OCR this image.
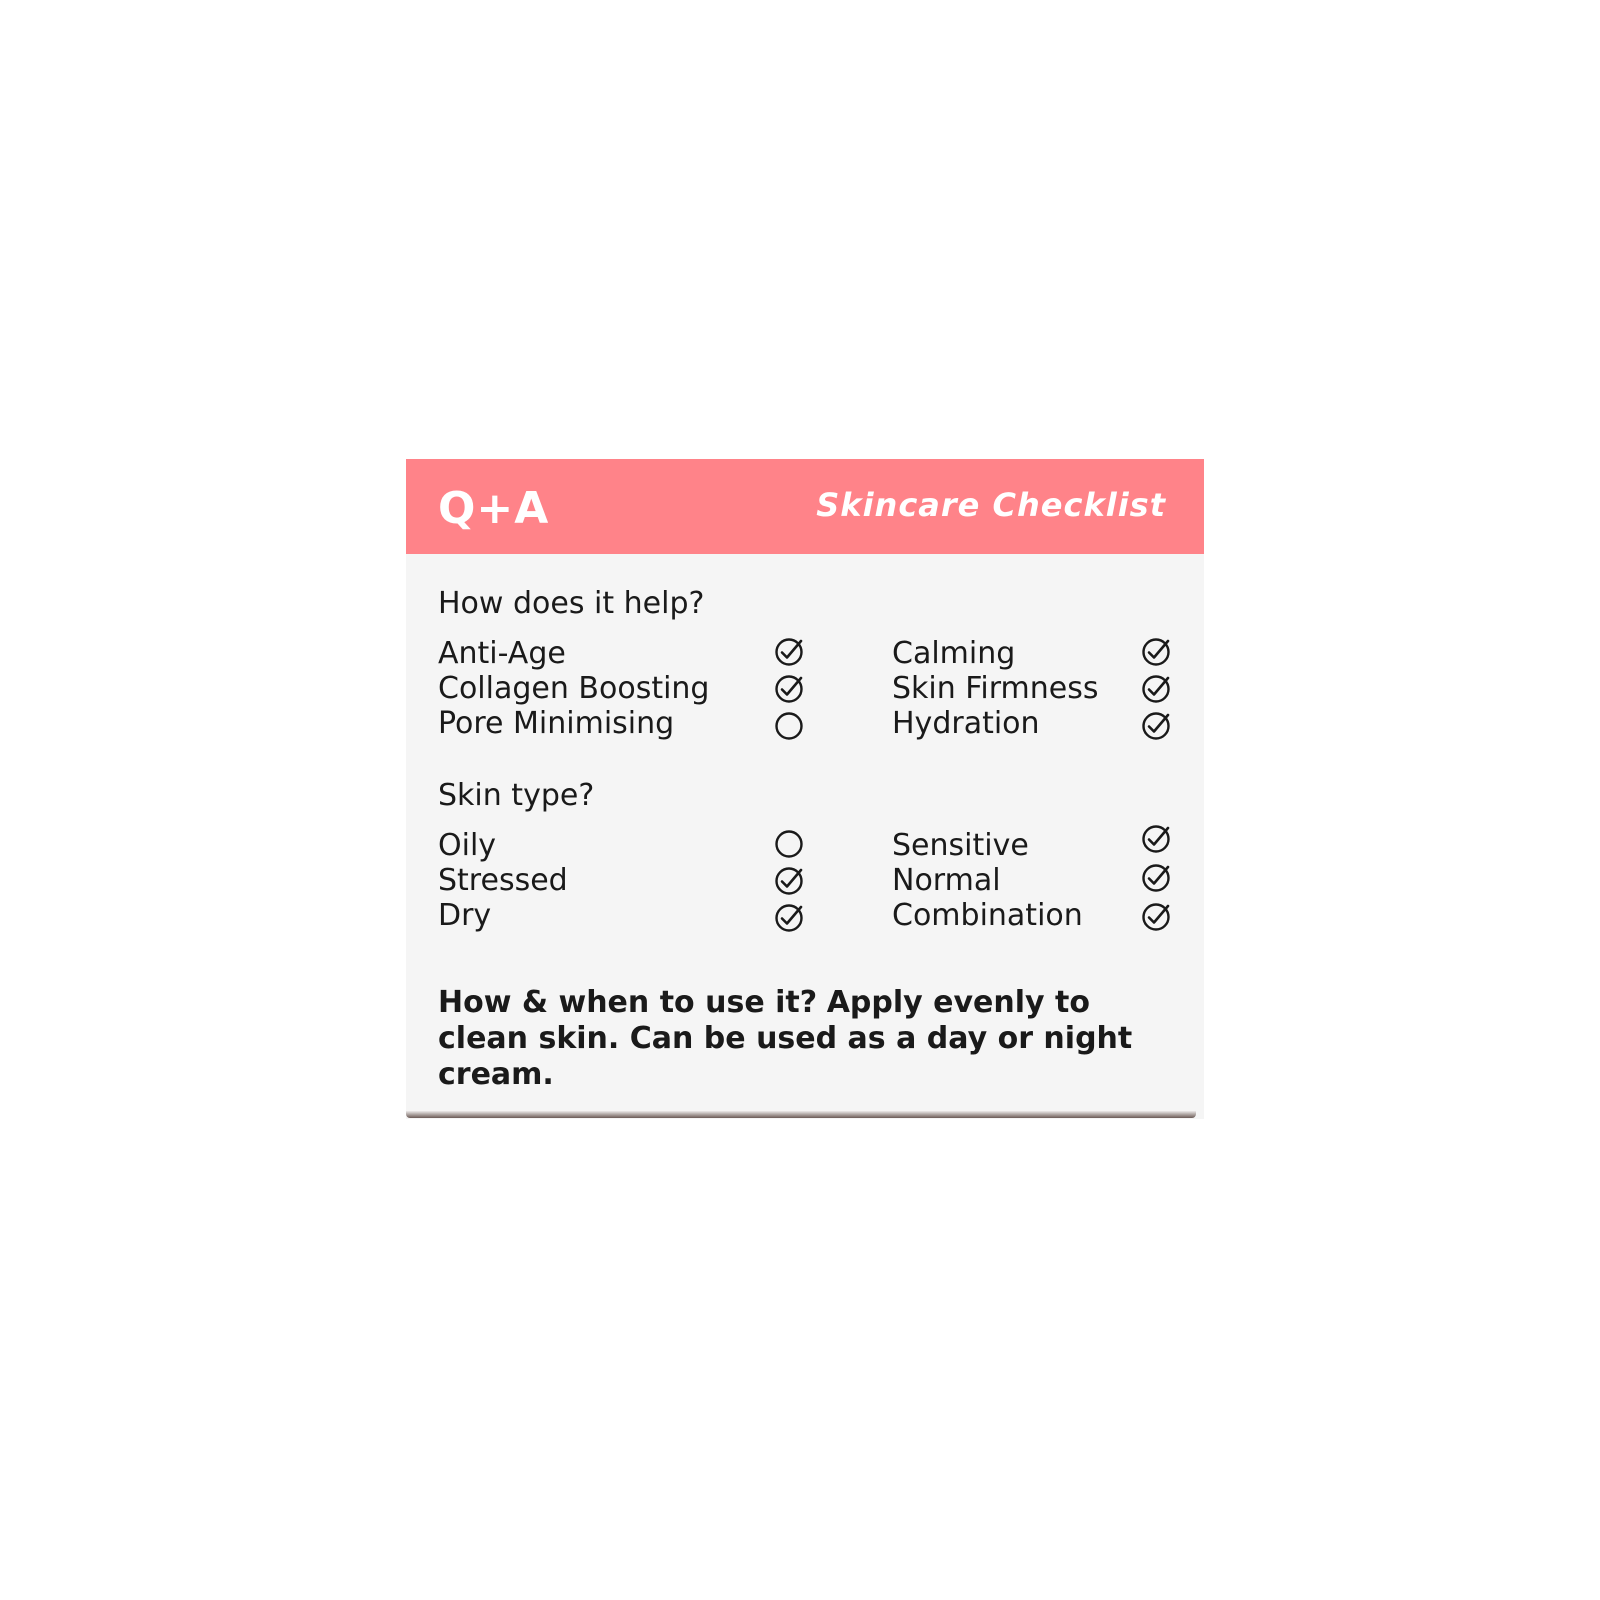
Q+A	Skincare Checklist
How does it help?
Anti-Age
Collagen Boosting
Pore Minimising
Calming
Skin Firmness
Hydration
Skin type?
Oily
Stressed
Dry
Sensitive
Normal
Combination
How & when to use it? Apply evenly to clean skin. Can be used as a day or night cream.
